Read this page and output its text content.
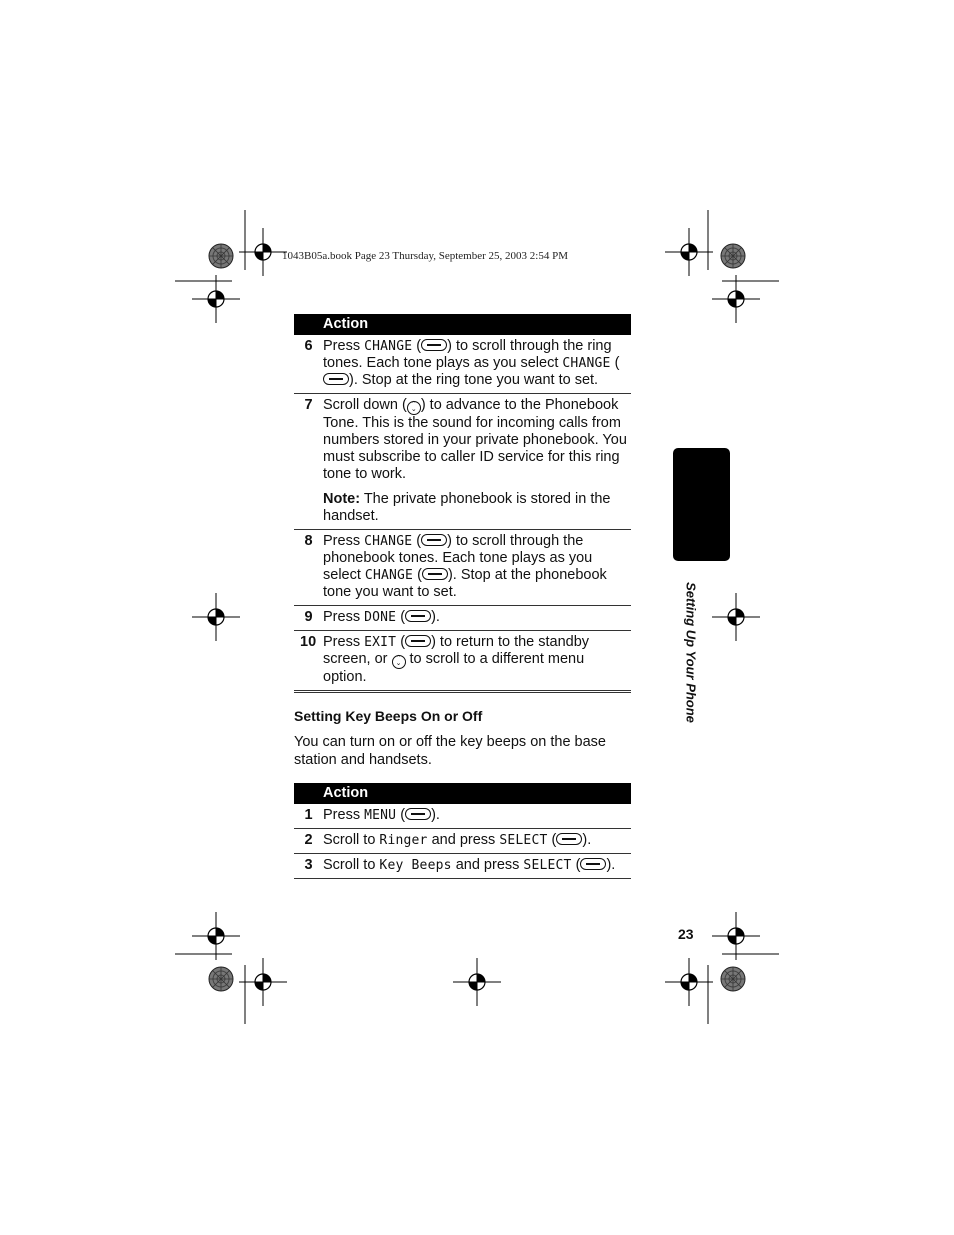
1043B05a.book Page 23 Thursday, September 25, 2003 2:54 PM
Action
6 Press CHANGE ( ) to scroll through the ring tones. Each tone plays as you select CHANGE (). Stop at the ring tone you want to set.
7 Scroll down ( ⌃
⌄ ) to advance to the Phonebook Tone. This is the sound for incoming calls from numbers stored in your private phonebook. You must subscribe to caller ID service for this ring tone to work.
Note: The private phonebook is stored in the handset.
8 Press CHANGE ( ) to scroll through the phonebook tones. Each tone plays as you select CHANGE ( ). Stop at the phonebook tone you want to set.
9 Press DONE ( ).
10 Press EXIT ( ) to return to the standby screen, or ⌃
⌄ to scroll to a different menu option.
Setting Key Beeps On or Off
You can turn on or off the key beeps on the base station and handsets.
Action
1 Press MENU ( ).
2 Scroll to Ringer and press SELECT ( ).
3 Scroll to Key Beeps and press SELECT ( ).
Setting Up Your Phone
23
